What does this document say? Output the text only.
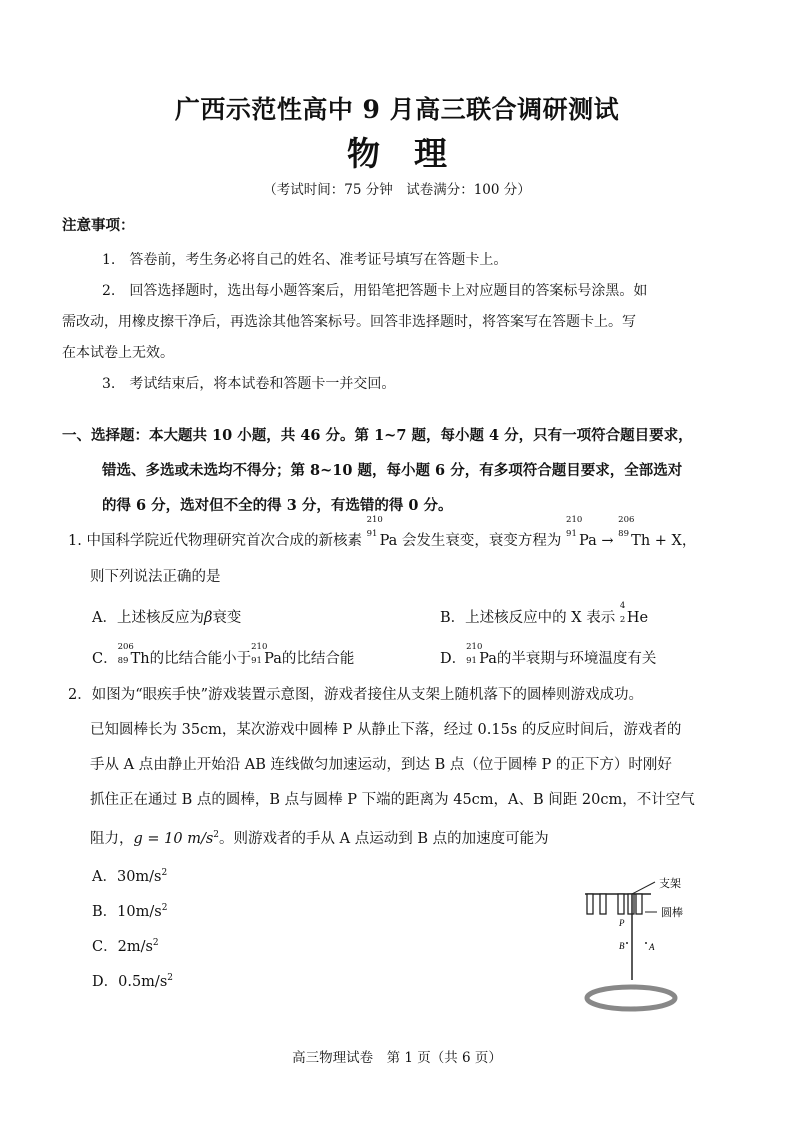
广西示范性高中 9 月高三联合调研测试
物理
（考试时间：75 分钟　试卷满分：100 分）
注意事项：
1.　答卷前，考生务必将自己的姓名、准考证号填写在答题卡上。
2.　回答选择题时，选出每小题答案后，用铅笔把答题卡上对应题目的答案标号涂黑。如
需改动，用橡皮擦干净后，再选涂其他答案标号。回答非选择题时，将答案写在答题卡上。写
在本试卷上无效。
3.　考试结束后，将本试卷和答题卡一并交回。
一、选择题：本大题共 10 小题，共 46 分。第 1~7 题，每小题 4 分，只有一项符合题目要求，
错选、多选或未选均不得分；第 8~10 题，每小题 6 分，有多项符合题目要求，全部选对
的得 6 分，选对但不全的得 3 分，有选错的得 0 分。
1. 中国科学院近代物理研究首次合成的新核素
210
91 Pa 会发生衰变，衰变方程为
210
91 Pa →
206
89 Th + X，
则下列说法正确的是
A．上述核反应为β衰变	B．上述核反应中的 X 表示
4
2 He
C．
206
89 Th的比结合能小于
210
91 Pa的比结合能	D．
210
91 Pa的半衰期与环境温度有关
2．如图为“眼疾手快”游戏装置示意图，游戏者接住从支架上随机落下的圆棒则游戏成功。
已知圆棒长为 35cm，某次游戏中圆棒 P 从静止下落，经过 0.15s 的反应时间后，游戏者的
手从 A 点由静止开始沿 AB 连线做匀加速运动，到达 B 点（位于圆棒 P 的正下方）时刚好
抓住正在通过 B 点的圆棒，B 点与圆棒 P 下端的距离为 45cm，A、B 间距 20cm，不计空气
阻力，g = 10 $m/s^2$。则游戏者的手从 A 点运动到 B 点的加速度可能为
A．$30m/s^2$
B．$10m/s^2$
C．$2m/s^2$
D．$0.5m/s^2$
支架
圆棒
P
B	A
高三物理试卷　第 1 页（共 6 页）
